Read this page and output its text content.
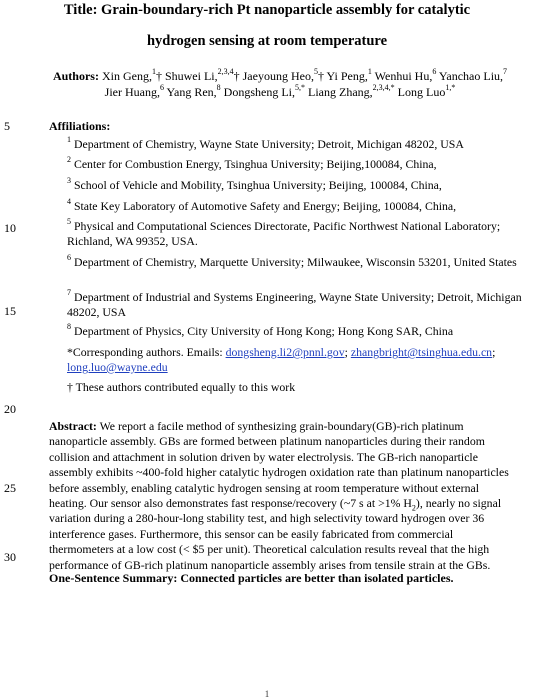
Title: Grain-boundary-rich Pt nanoparticle assembly for catalytic
hydrogen sensing at room temperature
Authors: Xin Geng,$^1$† Shuwei Li,$^{2,3,4}$† Jaeyoung Heo,$^5$† Yi Peng,$^1$ Wenhui Hu,$^6$ Yanchao Liu,$^7$
Jier Huang,$^6$ Yang Ren,$^8$ Dongsheng Li,$^{5,*}$ Liang Zhang,$^{2,3,4,*}$ Long Luo$^{1,*}$
5
10
15
20
25
30
Affiliations:
$^1$ Department of Chemistry, Wayne State University; Detroit, Michigan 48202, USA
$^2$ Center for Combustion Energy, Tsinghua University; Beijing,100084, China,
$^3$ School of Vehicle and Mobility, Tsinghua University; Beijing, 100084, China,
$^4$ State Key Laboratory of Automotive Safety and Energy; Beijing, 100084, China,
$^5$ Physical and Computational Sciences Directorate, Pacific Northwest National Laboratory; Richland, WA 99352, USA.
$^6$ Department of Chemistry, Marquette University; Milwaukee, Wisconsin 53201, United States
$^7$ Department of Industrial and Systems Engineering, Wayne State University; Detroit, Michigan 48202, USA
$^8$ Department of Physics, City University of Hong Kong; Hong Kong SAR, China
*Corresponding authors. Emails: dongsheng.li2@pnnl.gov; zhangbright@tsinghua.edu.cn;
long.luo@wayne.edu
† These authors contributed equally to this work
Abstract: We report a facile method of synthesizing grain-boundary(GB)-rich platinum nanoparticle assembly. GBs are formed between platinum nanoparticles during their random collision and attachment in solution driven by water electrolysis. The GB-rich nanoparticle assembly exhibits ~400-fold higher catalytic hydrogen oxidation rate than platinum nanoparticles before assembly, enabling catalytic hydrogen sensing at room temperature without external heating. Our sensor also demonstrates fast response/recovery (~7 s at >1% $H_2$), nearly no signal variation during a 280-hour-long stability test, and high selectivity toward hydrogen over 36 interference gases. Furthermore, this sensor can be easily fabricated from commercial thermometers at a low cost (< $5 per unit). Theoretical calculation results reveal that the high performance of GB-rich platinum nanoparticle assembly arises from tensile strain at the GBs.
One-Sentence Summary: Connected particles are better than isolated particles.
1
